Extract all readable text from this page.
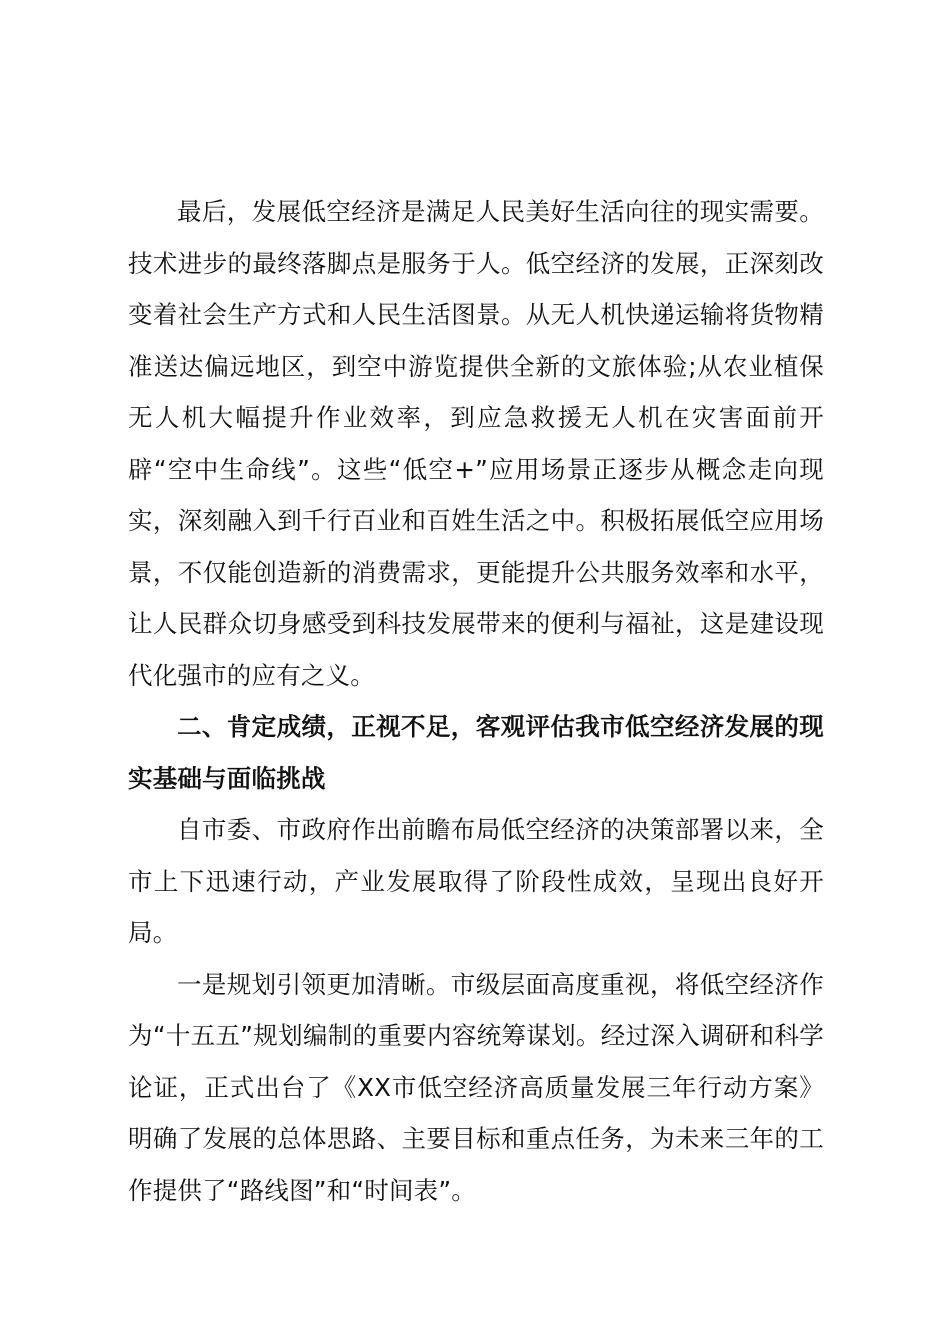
最后，发展低空经济是满足人民美好生活向往的现实需要。技术进步的最终落脚点是服务于人。低空经济的发展，正深刻改变着社会生产方式和人民生活图景。从无人机快递运输将货物精准送达偏远地区，到空中游览提供全新的文旅体验;从农业植保无人机大幅提升作业效率，到应急救援无人机在灾害面前开辟“空中生命线”。这些“低空+”应用场景正逐步从概念走向现实，深刻融入到千行百业和百姓生活之中。积极拓展低空应用场景，不仅能创造新的消费需求，更能提升公共服务效率和水平，让人民群众切身感受到科技发展带来的便利与福祉，这是建设现代化强市的应有之义。

二、肯定成绩，正视不足，客观评估我市低空经济发展的现实基础与面临挑战

自市委、市政府作出前瞻布局低空经济的决策部署以来，全市上下迅速行动，产业发展取得了阶段性成效，呈现出良好开局。

一是规划引领更加清晰。市级层面高度重视，将低空经济作为“十五五”规划编制的重要内容统筹谋划。经过深入调研和科学论证，正式出台了《XX市低空经济高质量发展三年行动方案》明确了发展的总体思路、主要目标和重点任务，为未来三年的工作提供了“路线图”和“时间表”。
